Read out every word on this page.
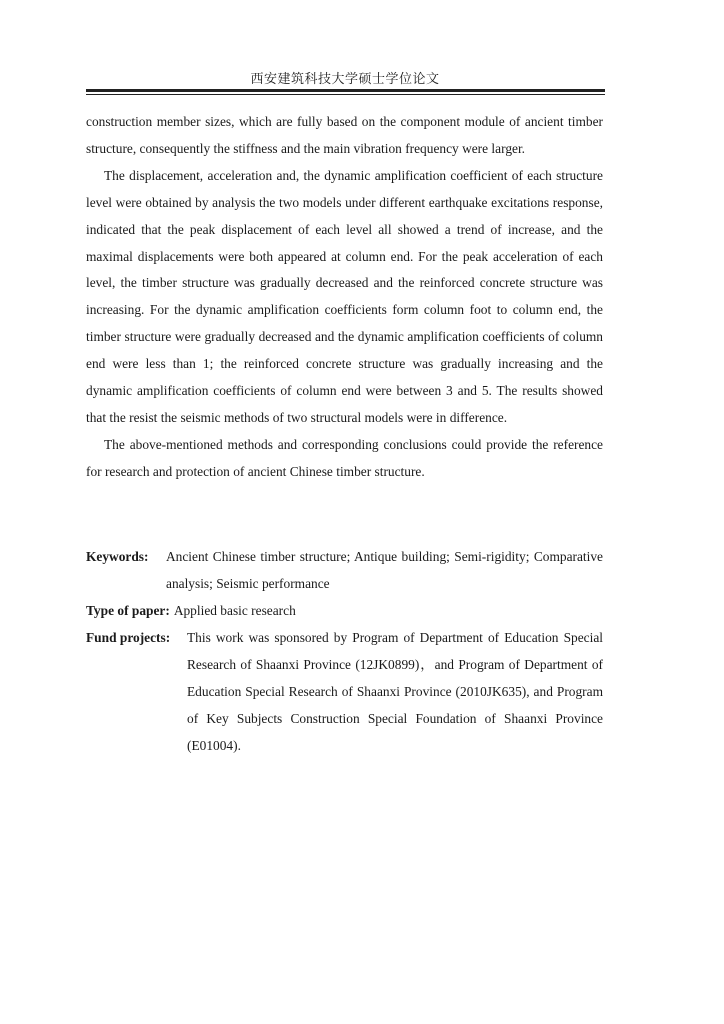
西安建筑科技大学硕士学位论文

construction member sizes, which are fully based on the component module of ancient timber structure, consequently the stiffness and the main vibration frequency were larger.

The displacement, acceleration and, the dynamic amplification coefficient of each structure level were obtained by analysis the two models under different earthquake excitations response, indicated that the peak displacement of each level all showed a trend of increase, and the maximal displacements were both appeared at column end. For the peak acceleration of each level, the timber structure was gradually decreased and the reinforced concrete structure was increasing. For the dynamic amplification coefficients form column foot to column end, the timber structure were gradually decreased and the dynamic amplification coefficients of column end were less than 1; the reinforced concrete structure was gradually increasing and the dynamic amplification coefficients of column end were between 3 and 5. The results showed that the resist the seismic methods of two structural models were in difference.

The above-mentioned methods and corresponding conclusions could provide the reference for research and protection of ancient Chinese timber structure.

Keywords:	Ancient Chinese timber structure; Antique building; Semi-rigidity; Comparative analysis; Seismic performance
Type of paper: Applied basic research
Fund projects:	This work was sponsored by Program of Department of Education Special Research of Shaanxi Province (12JK0899)，and Program of Department of Education Special Research of Shaanxi Province (2010JK635), and Program of Key Subjects Construction Special Foundation of Shaanxi Province (E01004).
